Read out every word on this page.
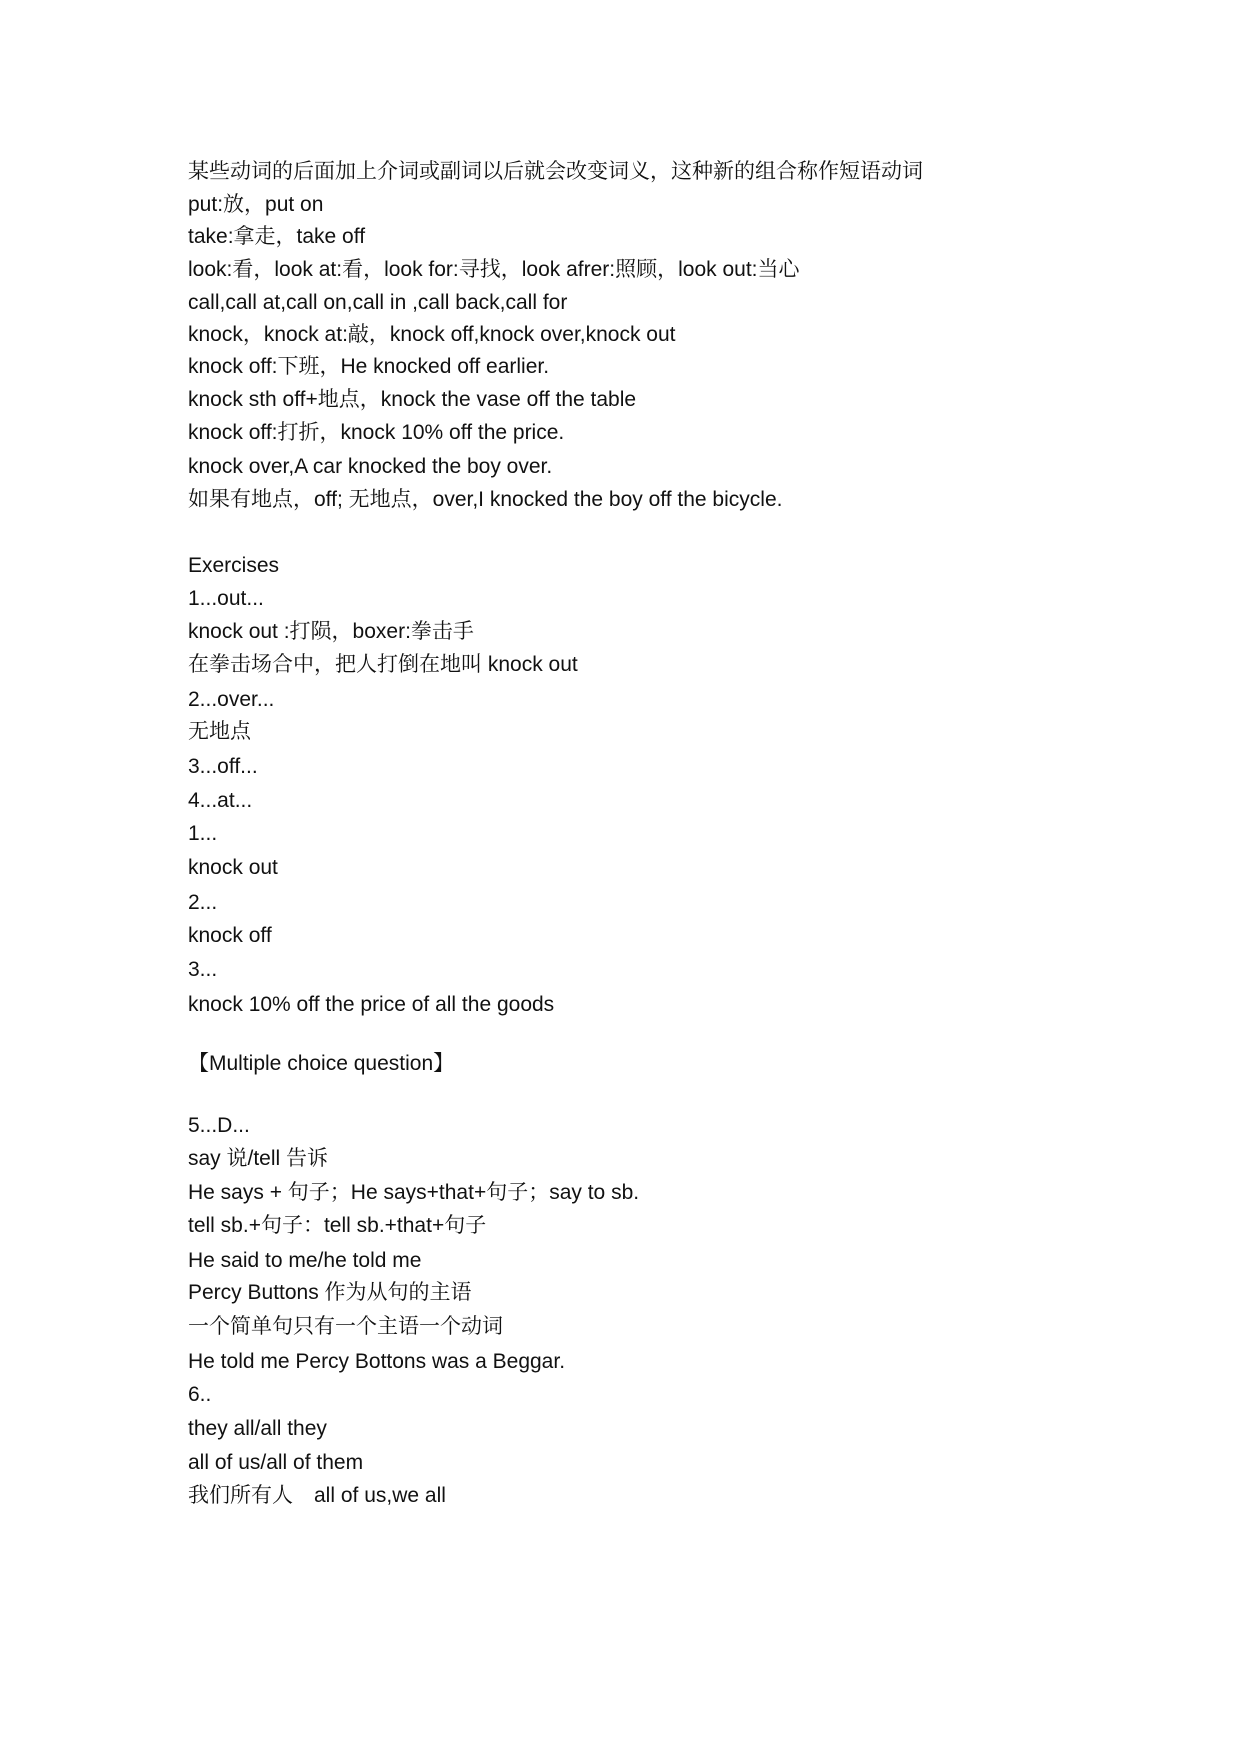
某些动词的后面加上介词或副词以后就会改变词义，这种新的组合称作短语动词

put:放，put on

take:拿走，take off

look:看，look at:看，look for:寻找，look afrer:照顾，look out:当心

call,call at,call on,call in ,call back,call for

knock，knock at:敲，knock off,knock over,knock out

knock off:下班，He knocked off earlier.

knock sth off+地点，knock the vase off the table

knock off:打折，knock 10% off the price.

knock over,A car knocked the boy over.

如果有地点，off; 无地点，over,I knocked the boy off the bicycle.

Exercises

1...out...

knock out :打陨，boxer:拳击手

在拳击场合中，把人打倒在地叫 knock out

2...over...

无地点

3...off...

4...at...

1...

knock out

2...

knock off

3...

knock 10% off the price of all the goods

【Multiple choice question】

5...D...

say 说/tell 告诉

He says + 句子；He says+that+句子；say to sb.

tell sb.+句子：tell sb.+that+句子

He said to me/he told me

Percy Buttons 作为从句的主语

一个简单句只有一个主语一个动词

He told me Percy Bottons was a Beggar.

6..

they all/all they

all of us/all of them

我们所有人　all of us,we all
